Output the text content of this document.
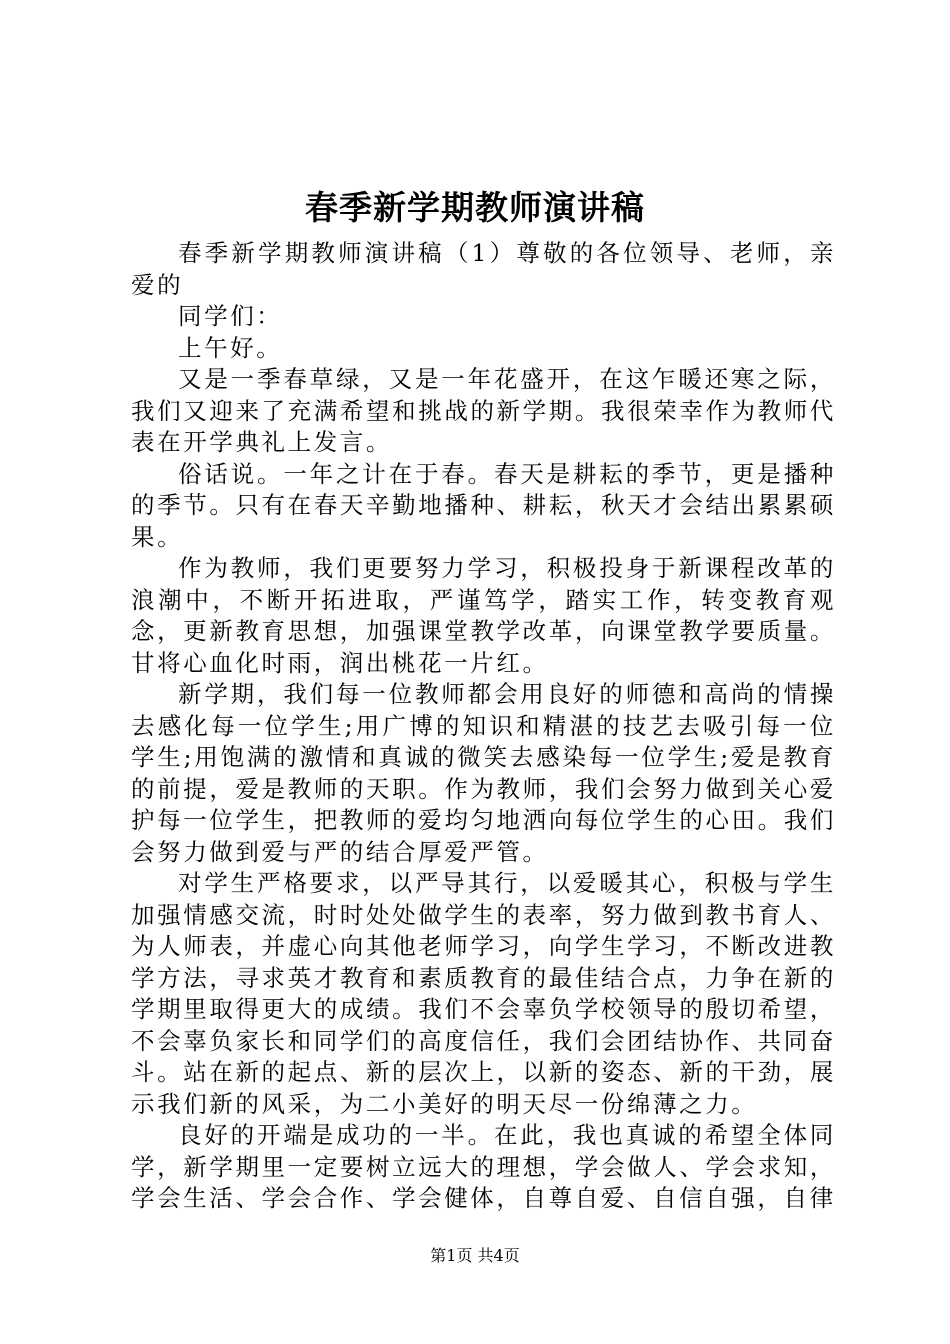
春季新学期教师演讲稿

春季新学期教师演讲稿（1）尊敬的各位领导、老师，亲爱的

同学们：

上午好。

又是一季春草绿，又是一年花盛开，在这乍暖还寒之际，我们又迎来了充满希望和挑战的新学期。我很荣幸作为教师代表在开学典礼上发言。

俗话说。一年之计在于春。春天是耕耘的季节，更是播种的季节。只有在春天辛勤地播种、耕耘，秋天才会结出累累硕果。

作为教师，我们更要努力学习，积极投身于新课程改革的浪潮中，不断开拓进取，严谨笃学，踏实工作，转变教育观念，更新教育思想，加强课堂教学改革，向课堂教学要质量。甘将心血化时雨，润出桃花一片红。

新学期，我们每一位教师都会用良好的师德和高尚的情操去感化每一位学生;用广博的知识和精湛的技艺去吸引每一位学生;用饱满的激情和真诚的微笑去感染每一位学生;爱是教育的前提，爱是教师的天职。作为教师，我们会努力做到关心爱护每一位学生，把教师的爱均匀地洒向每位学生的心田。我们会努力做到爱与严的结合厚爱严管。

对学生严格要求，以严导其行，以爱暖其心，积极与学生加强情感交流，时时处处做学生的表率，努力做到教书育人、为人师表，并虚心向其他老师学习，向学生学习，不断改进教学方法，寻求英才教育和素质教育的最佳结合点，力争在新的学期里取得更大的成绩。我们不会辜负学校领导的殷切希望，不会辜负家长和同学们的高度信任，我们会团结协作、共同奋斗。站在新的起点、新的层次上，以新的姿态、新的干劲，展示我们新的风采，为二小美好的明天尽一份绵薄之力。

良好的开端是成功的一半。在此，我也真诚的希望全体同学，新学期里一定要树立远大的理想，学会做人、学会求知，学会生活、学会合作、学会健体，自尊自爱、自信自强，自律

第1页 共4页
